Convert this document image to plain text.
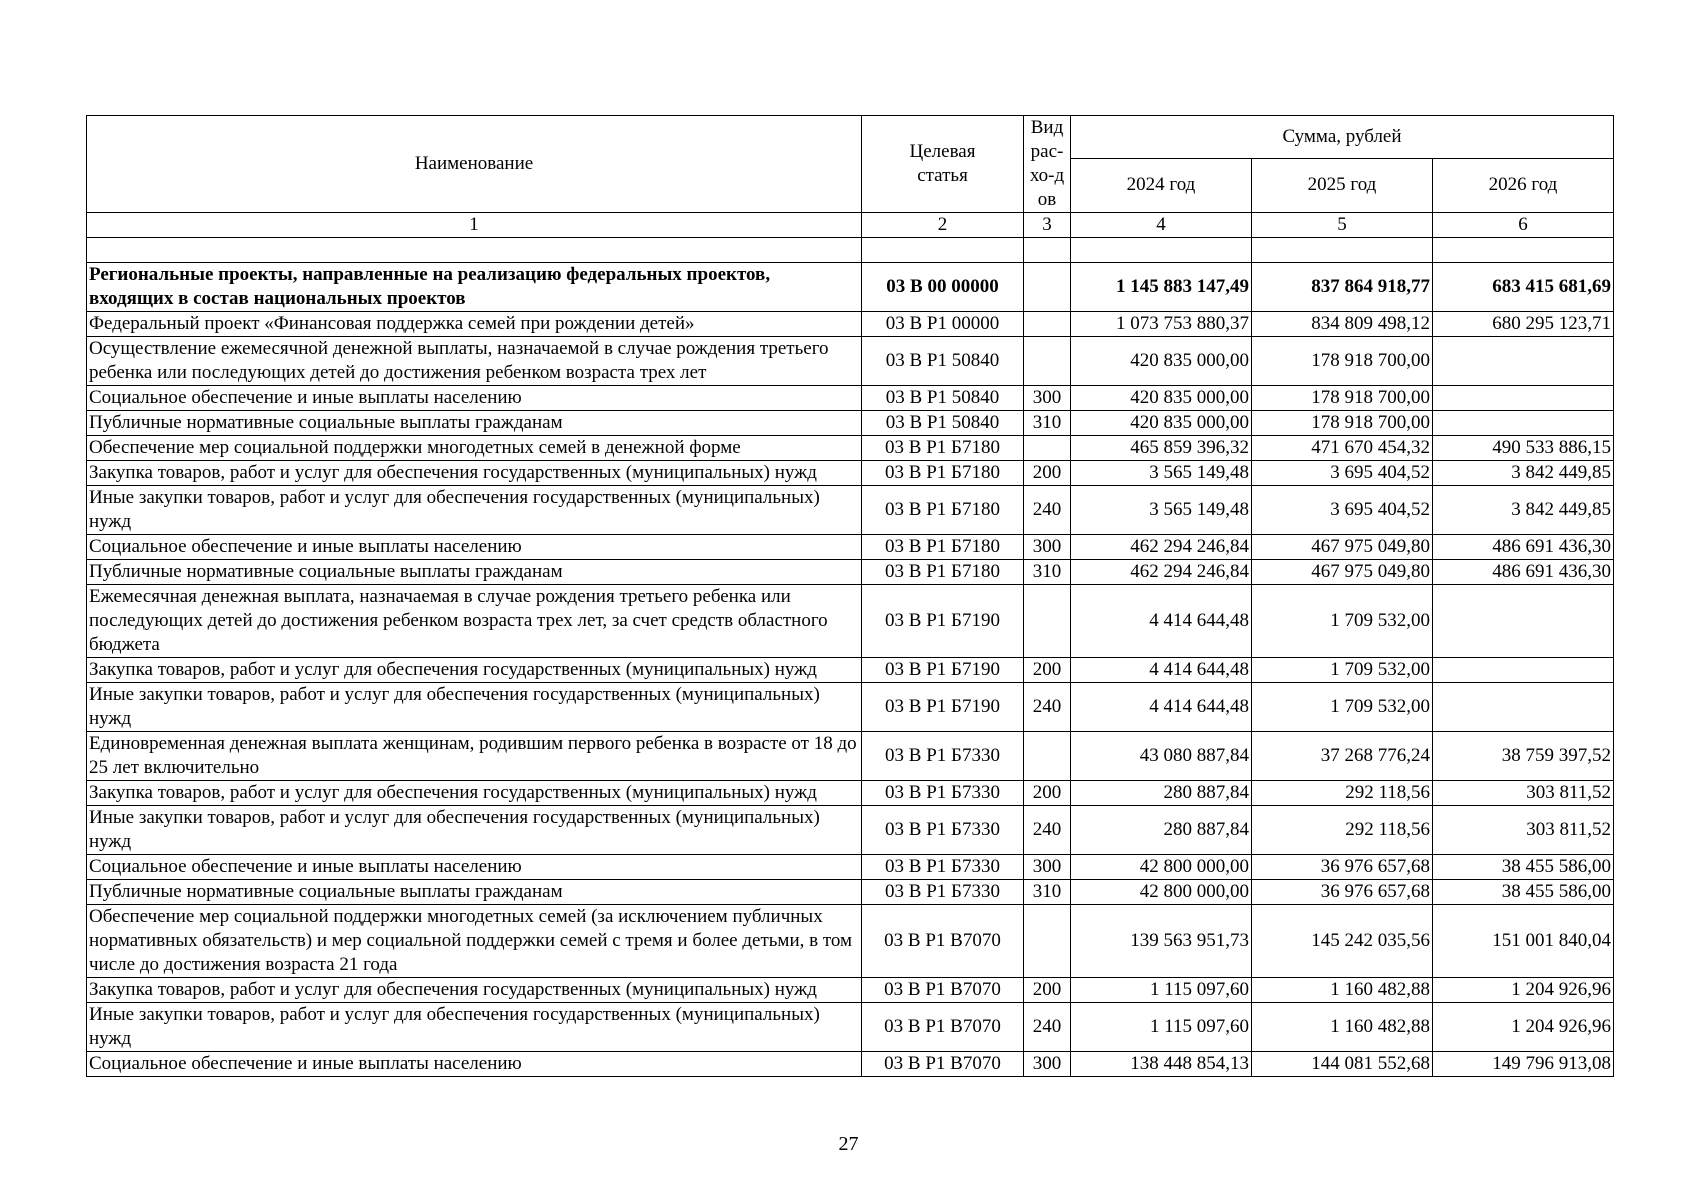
Наименование	Целевая статья	Вид рас-хо-дов	Сумма, рублей		
			2024 год	2025 год	2026 год
1	2	3	4	5	6

Региональные проекты, направленные на реализацию федеральных проектов, входящих в состав национальных проектов	03 В 00 00000		1 145 883 147,49	837 864 918,77	683 415 681,69
Федеральный проект «Финансовая поддержка семей при рождении детей»	03 В Р1 00000		1 073 753 880,37	834 809 498,12	680 295 123,71
Осуществление ежемесячной денежной выплаты, назначаемой в случае рождения третьего ребенка или последующих детей до достижения ребенком возраста трех лет	03 В Р1 50840		420 835 000,00	178 918 700,00	
Социальное обеспечение и иные выплаты населению	03 В Р1 50840	300	420 835 000,00	178 918 700,00	
Публичные нормативные социальные выплаты гражданам	03 В Р1 50840	310	420 835 000,00	178 918 700,00	
Обеспечение мер социальной поддержки многодетных семей в денежной форме	03 В Р1 Б7180		465 859 396,32	471 670 454,32	490 533 886,15
Закупка товаров, работ и услуг для обеспечения государственных (муниципальных) нужд	03 В Р1 Б7180	200	3 565 149,48	3 695 404,52	3 842 449,85
Иные закупки товаров, работ и услуг для обеспечения государственных (муниципальных) нужд	03 В Р1 Б7180	240	3 565 149,48	3 695 404,52	3 842 449,85
Социальное обеспечение и иные выплаты населению	03 В Р1 Б7180	300	462 294 246,84	467 975 049,80	486 691 436,30
Публичные нормативные социальные выплаты гражданам	03 В Р1 Б7180	310	462 294 246,84	467 975 049,80	486 691 436,30
Ежемесячная денежная выплата, назначаемая в случае рождения третьего ребенка или последующих детей до достижения ребенком возраста трех лет, за счет средств областного бюджета	03 В Р1 Б7190		4 414 644,48	1 709 532,00	
Закупка товаров, работ и услуг для обеспечения государственных (муниципальных) нужд	03 В Р1 Б7190	200	4 414 644,48	1 709 532,00	
Иные закупки товаров, работ и услуг для обеспечения государственных (муниципальных) нужд	03 В Р1 Б7190	240	4 414 644,48	1 709 532,00	
Единовременная денежная выплата женщинам, родившим первого ребенка в возрасте от 18 до 25 лет включительно	03 В Р1 Б7330		43 080 887,84	37 268 776,24	38 759 397,52
Закупка товаров, работ и услуг для обеспечения государственных (муниципальных) нужд	03 В Р1 Б7330	200	280 887,84	292 118,56	303 811,52
Иные закупки товаров, работ и услуг для обеспечения государственных (муниципальных) нужд	03 В Р1 Б7330	240	280 887,84	292 118,56	303 811,52
Социальное обеспечение и иные выплаты населению	03 В Р1 Б7330	300	42 800 000,00	36 976 657,68	38 455 586,00
Публичные нормативные социальные выплаты гражданам	03 В Р1 Б7330	310	42 800 000,00	36 976 657,68	38 455 586,00
Обеспечение мер социальной поддержки многодетных семей (за исключением публичных нормативных обязательств) и мер социальной поддержки семей с тремя и более детьми, в том числе до достижения возраста 21 года	03 В Р1 В7070		139 563 951,73	145 242 035,56	151 001 840,04
Закупка товаров, работ и услуг для обеспечения государственных (муниципальных) нужд	03 В Р1 В7070	200	1 115 097,60	1 160 482,88	1 204 926,96
Иные закупки товаров, работ и услуг для обеспечения государственных (муниципальных) нужд	03 В Р1 В7070	240	1 115 097,60	1 160 482,88	1 204 926,96
Социальное обеспечение и иные выплаты населению	03 В Р1 В7070	300	138 448 854,13	144 081 552,68	149 796 913,08
27
